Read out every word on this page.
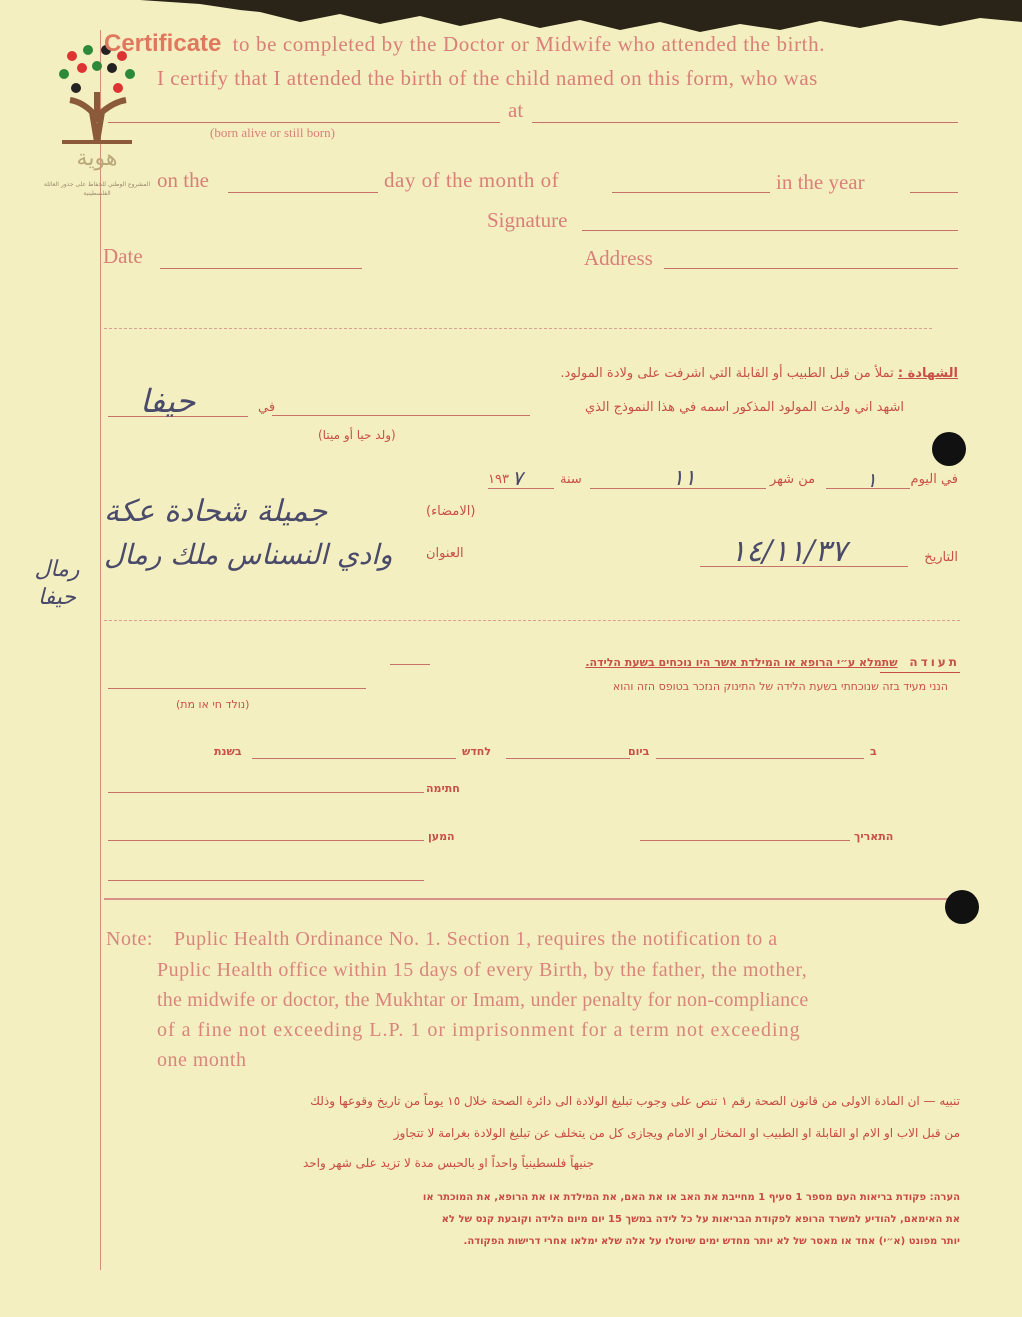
هوية
المشروع الوطني للحفاظ على جذور العائلة الفلسطينية
Certificate to be completed by the Doctor or Midwife who attended the birth.
I certify that I attended the birth of the child named on this form, who was
at
(born alive or still born)
on the	day of the month of	in the year
Signature
Date	Address
الشهادة : تملأ من قبل الطبيب أو القابلة التي اشرفت على ولادة المولود.
اشهد اني ولدت المولود المذكور اسمه في هذا النموذج الذي
في
حيفا
(ولد حيا أو ميتا)
في اليوم
١
من شهر
١١
سنة
١٩٣ ٧
(الامضاء)
جميلة شحادة عكة
العنوان
وادي النسناس ملك رمال
رمال حيفا
التاريخ
١٤/١١/٣٧
תעודה שתמלא ע״י הרופא או המילדת אשר היו נוכחים בשעת הלידה.
הנני מעיד בזה שנוכחתי בשעת הלידה של התינוק הנזכר בטופס הזה והוא
(נולד חי או מת)
בשנת	לחדש	ביום	ב
חתימה
המען	התאריך
Note: Puplic Health Ordinance No. 1. Section 1, requires the notification to a
Puplic Health office within 15 days of every Birth, by the father, the mother,
the midwife or doctor, the Mukhtar or Imam, under penalty for non-compliance
of a fine not exceeding L.P. 1 or imprisonment for a term not exceeding
one month
تنبيه — ان المادة الاولى من قانون الصحة رقم ١ تنص على وجوب تبليغ الولادة الى دائرة الصحة خلال ١٥ يوماً من تاريخ وقوعها وذلك
من قبل الاب او الام او القابلة او الطبيب او المختار او الامام ويجازى كل من يتخلف عن تبليغ الولادة بغرامة لا تتجاوز
جنيهاً فلسطينياً واحداً او بالحبس مدة لا تزيد على شهر واحد
הערה: פקודת בריאות העם מספר 1 סעיף 1 מחייבת את האב או את האם, את המילדת או את הרופא, את המוכתר או
את האימאם, להודיע למשרד הרופא לפקודת הבריאות על כל לידה במשך 15 יום מיום הלידה וקובעת קנס של לא
יותר מפונט (א״י) אחד או מאסר של לא יותר מחדש ימים שיוטלו על אלה שלא ימלאו אחרי דרישות הפקודה.
